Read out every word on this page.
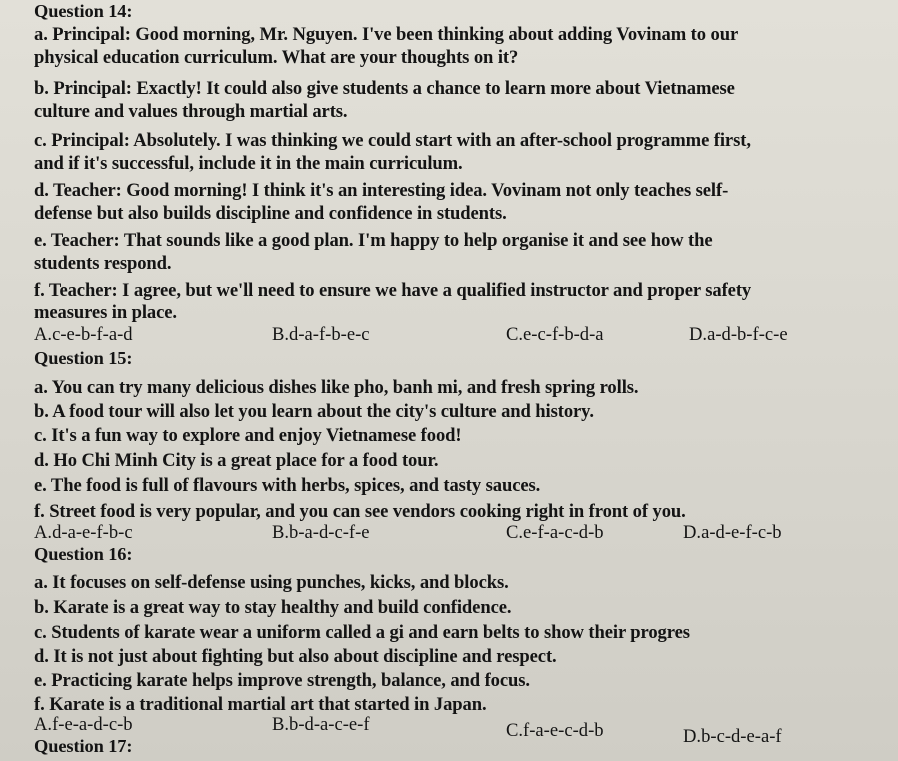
Question 14:
a. Principal: Good morning, Mr. Nguyen. I've been thinking about adding Vovinam to our
physical education curriculum. What are your thoughts on it?
b. Principal: Exactly! It could also give students a chance to learn more about Vietnamese
culture and values through martial arts.
c. Principal: Absolutely. I was thinking we could start with an after-school programme first,
and if it's successful, include it in the main curriculum.
d. Teacher: Good morning! I think it's an interesting idea. Vovinam not only teaches self-
defense but also builds discipline and confidence in students.
e. Teacher: That sounds like a good plan. I'm happy to help organise it and see how the
students respond.
f. Teacher: I agree, but we'll need to ensure we have a qualified instructor and proper safety
measures in place.
A.c-e-b-f-a-d	B.d-a-f-b-e-c	C.e-c-f-b-d-a	D.a-d-b-f-c-e
Question 15:
a. You can try many delicious dishes like pho, banh mi, and fresh spring rolls.
b. A food tour will also let you learn about the city's culture and history.
c. It's a fun way to explore and enjoy Vietnamese food!
d. Ho Chi Minh City is a great place for a food tour.
e. The food is full of flavours with herbs, spices, and tasty sauces.
f. Street food is very popular, and you can see vendors cooking right in front of you.
A.d-a-e-f-b-c	B.b-a-d-c-f-e	C.e-f-a-c-d-b	D.a-d-e-f-c-b
Question 16:
a. It focuses on self-defense using punches, kicks, and blocks.
b. Karate is a great way to stay healthy and build confidence.
c. Students of karate wear a uniform called a gi and earn belts to show their progres
d. It is not just about fighting but also about discipline and respect.
e. Practicing karate helps improve strength, balance, and focus.
f. Karate is a traditional martial art that started in Japan.
A.f-e-a-d-c-b	B.b-d-a-c-e-f	C.f-a-e-c-d-b	D.b-c-d-e-a-f
Question 17:
